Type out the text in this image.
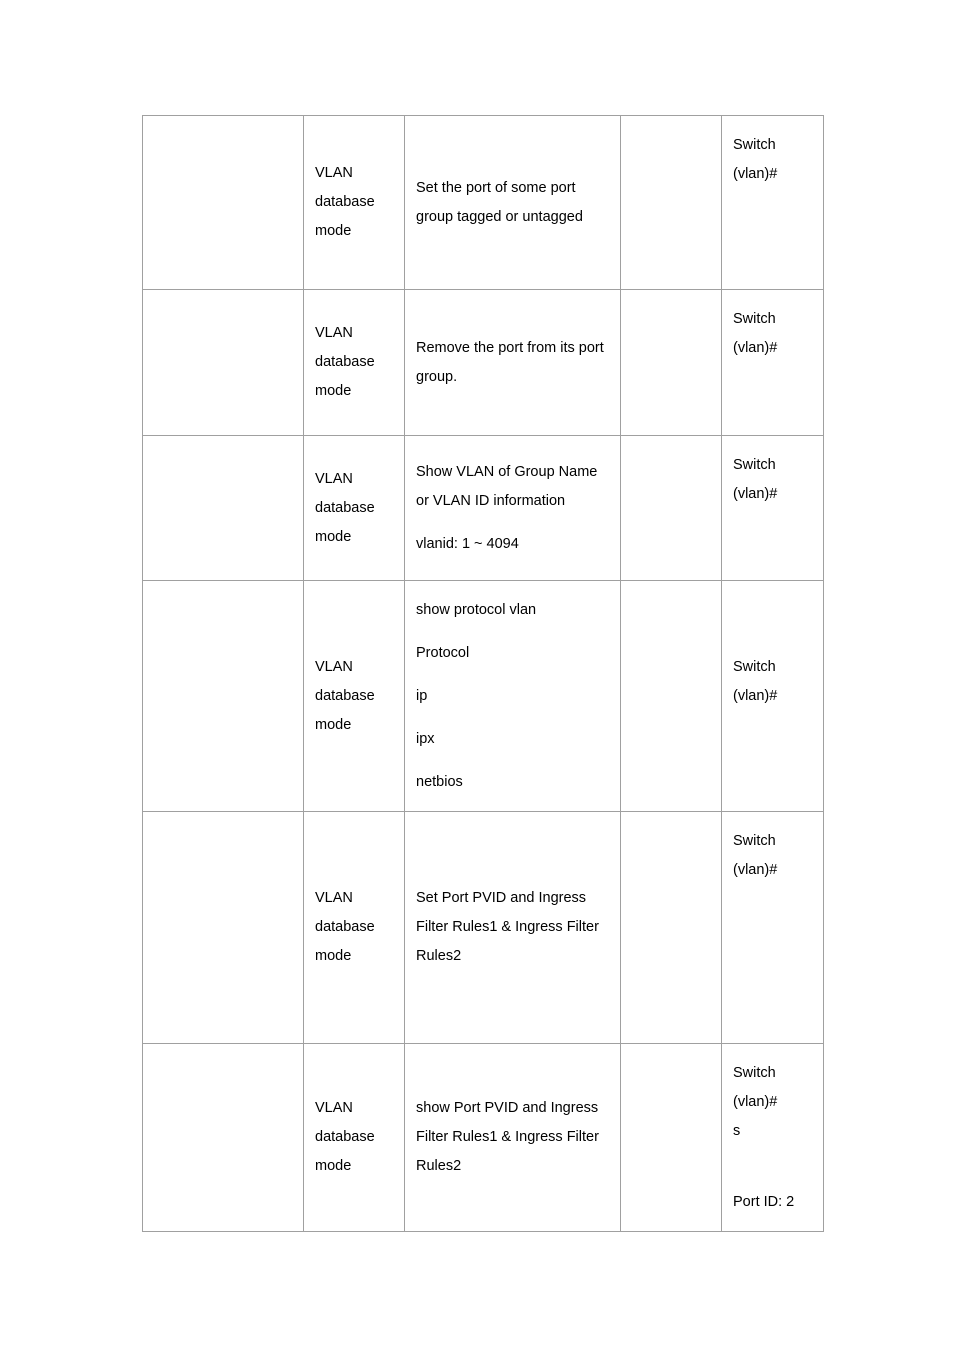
	VLAN
database
mode	Set the port of some port
group tagged or untagged		Switch
(vlan)#

	VLAN
database
mode	Remove the port from its port
group.		Switch
(vlan)#

	VLAN
database
mode	Show VLAN of Group Name
or VLAN ID information
vlanid: 1 ~ 4094		Switch
(vlan)#

	VLAN
database
mode	show protocol vlan
Protocol
ip
ipx
netbios		Switch
(vlan)#

	VLAN
database
mode	Set Port PVID and Ingress
Filter Rules1 & Ingress Filter
Rules2		Switch
(vlan)#

	VLAN
database
mode	show Port PVID and Ingress
Filter Rules1 & Ingress Filter
Rules2		Switch
(vlan)#
s
Port ID: 2
